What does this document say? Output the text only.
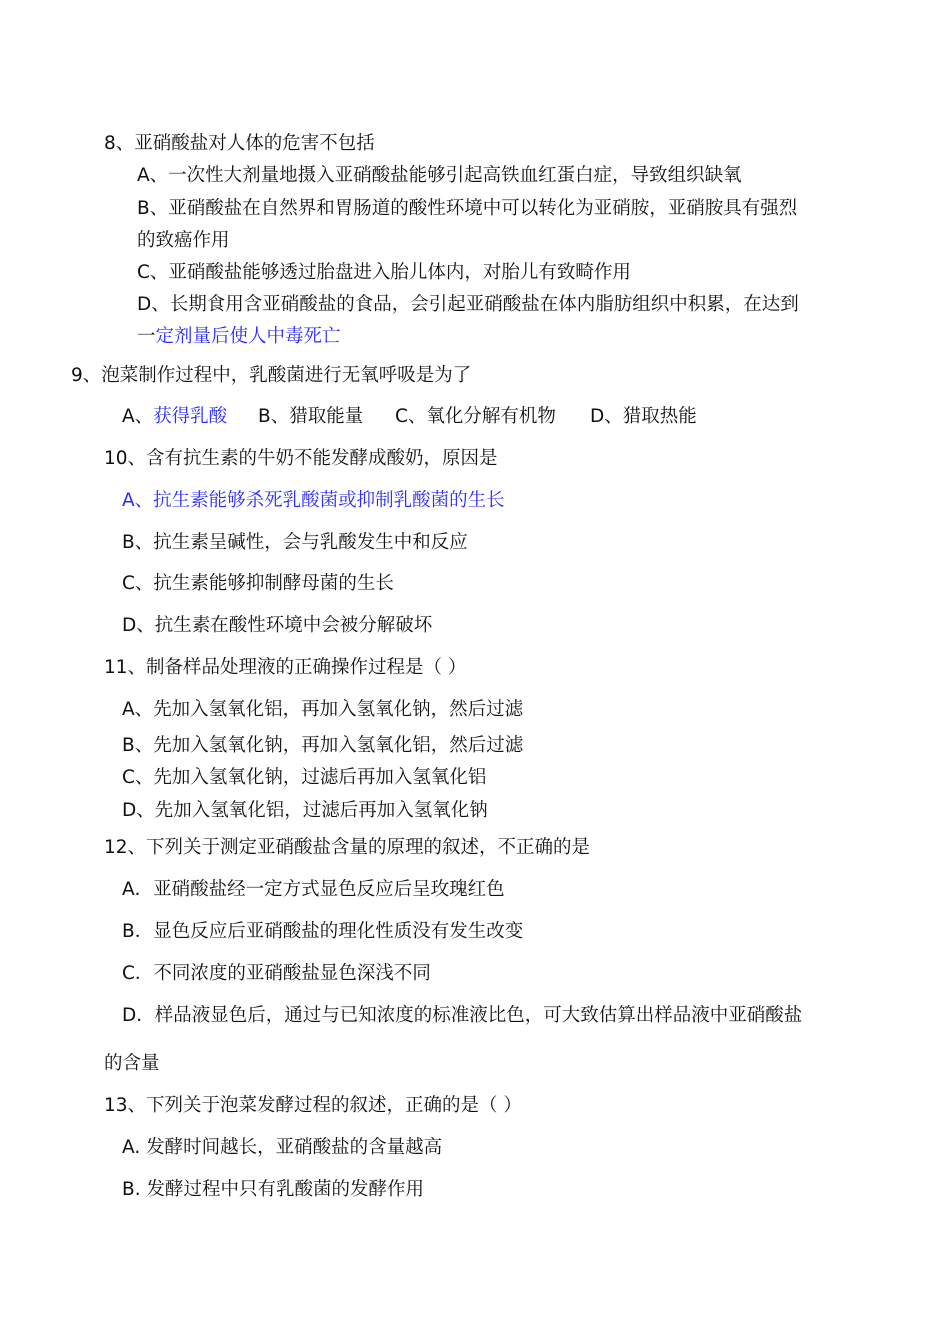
8、亚硝酸盐对人体的危害不包括
A、一次性大剂量地摄入亚硝酸盐能够引起高铁血红蛋白症，导致组织缺氧
B、亚硝酸盐在自然界和胃肠道的酸性环境中可以转化为亚硝胺，亚硝胺具有强烈
的致癌作用
C、亚硝酸盐能够透过胎盘进入胎儿体内，对胎儿有致畸作用
D、长期食用含亚硝酸盐的食品，会引起亚硝酸盐在体内脂肪组织中积累，在达到
一定剂量后使人中毒死亡
9、泡菜制作过程中，乳酸菌进行无氧呼吸是为了
A、获得乳酸 B、猎取能量 C、氧化分解有机物 D、猎取热能
10、含有抗生素的牛奶不能发酵成酸奶，原因是
A、抗生素能够杀死乳酸菌或抑制乳酸菌的生长
B、抗生素呈碱性，会与乳酸发生中和反应
C、抗生素能够抑制酵母菌的生长
D、抗生素在酸性环境中会被分解破坏
11、制备样品处理液的正确操作过程是（ ）
A、先加入氢氧化铝，再加入氢氧化钠，然后过滤
B、先加入氢氧化钠，再加入氢氧化铝，然后过滤
C、先加入氢氧化钠，过滤后再加入氢氧化铝
D、先加入氢氧化铝，过滤后再加入氢氧化钠
12、下列关于测定亚硝酸盐含量的原理的叙述，不正确的是
A．亚硝酸盐经一定方式显色反应后呈玫瑰红色
B．显色反应后亚硝酸盐的理化性质没有发生改变
C．不同浓度的亚硝酸盐显色深浅不同
D．样品液显色后，通过与已知浓度的标准液比色，可大致估算出样品液中亚硝酸盐
的含量
13、下列关于泡菜发酵过程的叙述，正确的是（ ）
A. 发酵时间越长，亚硝酸盐的含量越高
B. 发酵过程中只有乳酸菌的发酵作用
